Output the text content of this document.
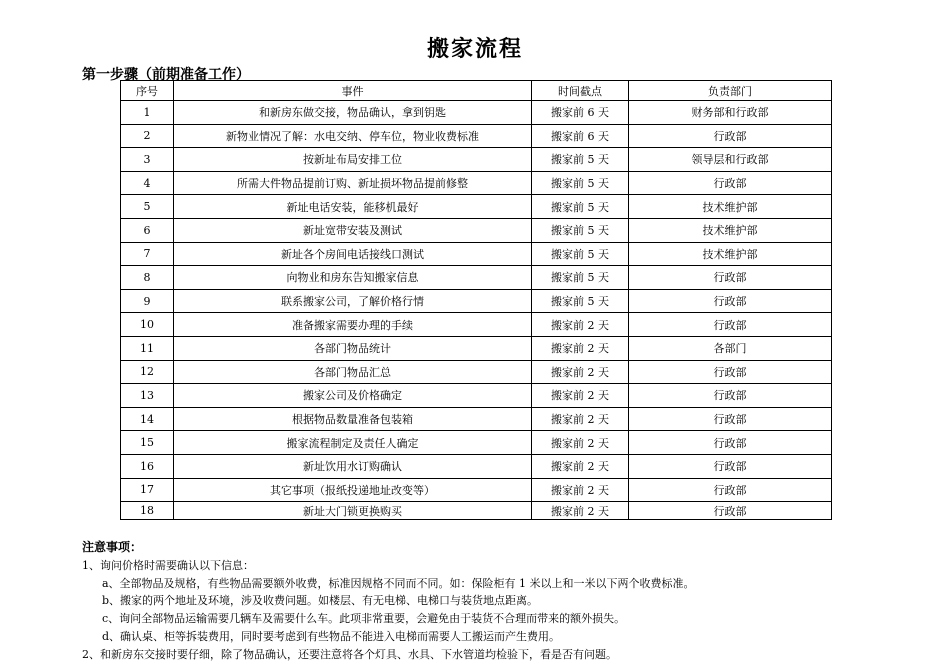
搬家流程
第一步骤（前期准备工作）
序号	事件	时间截点	负责部门
1	和新房东做交接，物品确认，拿到钥匙	搬家前 6 天	财务部和行政部
2	新物业情况了解：水电交纳、停车位，物业收费标准	搬家前 6 天	行政部
3	按新址布局安排工位	搬家前 5 天	领导层和行政部
4	所需大件物品提前订购、新址损坏物品提前修整	搬家前 5 天	行政部
5	新址电话安装，能移机最好	搬家前 5 天	技术维护部
6	新址宽带安装及测试	搬家前 5 天	技术维护部
7	新址各个房间电话接线口测试	搬家前 5 天	技术维护部
8	向物业和房东告知搬家信息	搬家前 5 天	行政部
9	联系搬家公司，了解价格行情	搬家前 5 天	行政部
10	准备搬家需要办理的手续	搬家前 2 天	行政部
11	各部门物品统计	搬家前 2 天	各部门
12	各部门物品汇总	搬家前 2 天	行政部
13	搬家公司及价格确定	搬家前 2 天	行政部
14	根据物品数量准备包装箱	搬家前 2 天	行政部
15	搬家流程制定及责任人确定	搬家前 2 天	行政部
16	新址饮用水订购确认	搬家前 2 天	行政部
17	其它事项（报纸投递地址改变等）	搬家前 2 天	行政部
18	新址大门锁更换购买	搬家前 2 天	行政部
注意事项：
1、询问价格时需要确认以下信息：
a、全部物品及规格，有些物品需要额外收费，标准因规格不同而不同。如：保险柜有 1 米以上和一米以下两个收费标准。
b、搬家的两个地址及环境，涉及收费问题。如楼层、有无电梯、电梯口与装货地点距离。
c、询问全部物品运输需要几辆车及需要什么车。此项非常重要，会避免由于装货不合理而带来的额外损失。
d、确认桌、柜等拆装费用，同时要考虑到有些物品不能进入电梯而需要人工搬运而产生费用。
2、和新房东交接时要仔细，除了物品确认，还要注意将各个灯具、水具、下水管道均检验下，看是否有问题。
